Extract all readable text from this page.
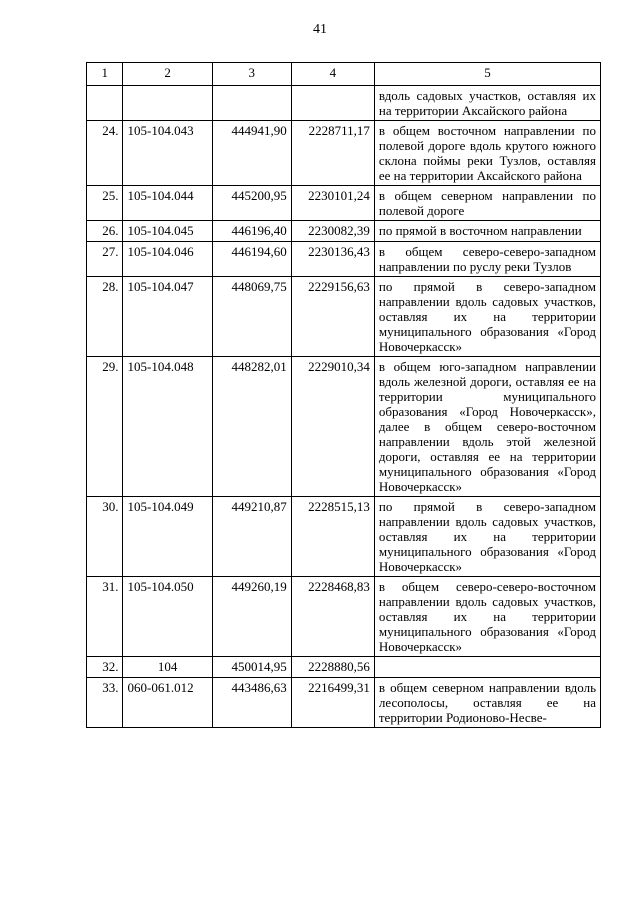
41
1	2	3	4	5
				вдоль садовых участков, оставляя их на территории Аксайского района
24.	105-104.043	444941,90	2228711,17	в общем восточном направлении по полевой дороге вдоль крутого южного склона поймы реки Тузлов, оставляя ее на территории Аксайского района
25.	105-104.044	445200,95	2230101,24	в общем северном направлении по полевой дороге
26.	105-104.045	446196,40	2230082,39	по прямой в восточном направлении
27.	105-104.046	446194,60	2230136,43	в общем северо-северо-западном направлении по руслу реки Тузлов
28.	105-104.047	448069,75	2229156,63	по прямой в северо-западном направлении вдоль садовых участков, оставляя их на территории муниципального образования «Город Новочеркасск»
29.	105-104.048	448282,01	2229010,34	в общем юго-западном направлении вдоль железной дороги, оставляя ее на территории муниципального образования «Город Новочеркасск», далее в общем северо-восточном направлении вдоль этой железной дороги, оставляя ее на территории муниципального образования «Город Новочеркасск»
30.	105-104.049	449210,87	2228515,13	по прямой в северо-западном направлении вдоль садовых участков, оставляя их на территории муниципального образования «Город Новочеркасск»
31.	105-104.050	449260,19	2228468,83	в общем северо-северо-восточном направлении вдоль садовых участков, оставляя их на территории муниципального образования «Город Новочеркасск»
32.	104	450014,95	2228880,56	
33.	060-061.012	443486,63	2216499,31	в общем северном направлении вдоль лесополосы, оставляя ее на территории Родионово-Несве-
